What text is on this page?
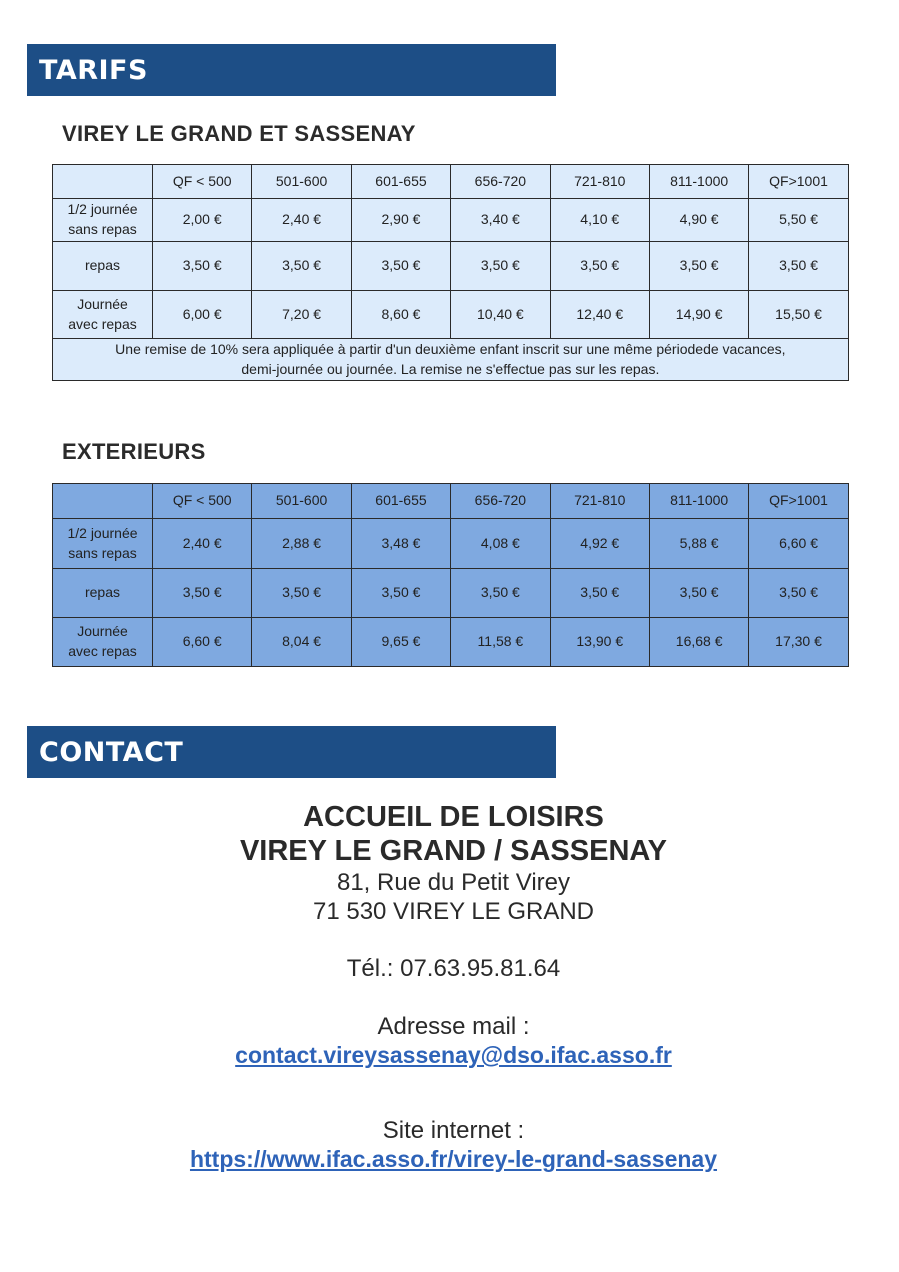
TARIFS
VIREY LE GRAND ET SASSENAY
	QF < 500	501-600	601-655	656-720	721-810	811-1000	QF>1001
1/2 journée
sans repas	2,00 €	2,40 €	2,90 €	3,40 €	4,10 €	4,90 €	5,50 €
repas	3,50 €	3,50 €	3,50 €	3,50 €	3,50 €	3,50 €	3,50 €
Journée
avec repas	6,00 €	7,20 €	8,60 €	10,40 €	12,40 €	14,90 €	15,50 €
Une remise de 10% sera appliquée à partir d'un deuxième enfant inscrit sur une même périodede vacances,
demi-journée ou journée. La remise ne s'effectue pas sur les repas.							
EXTERIEURS
	QF < 500	501-600	601-655	656-720	721-810	811-1000	QF>1001
1/2 journée
sans repas	2,40 €	2,88 €	3,48 €	4,08 €	4,92 €	5,88 €	6,60 €
repas	3,50 €	3,50 €	3,50 €	3,50 €	3,50 €	3,50 €	3,50 €
Journée
avec repas	6,60 €	8,04 €	9,65 €	11,58 €	13,90 €	16,68 €	17,30 €
CONTACT
ACCUEIL DE LOISIRS
VIREY LE GRAND / SASSENAY
81, Rue du Petit Virey
71 530 VIREY LE GRAND
Tél.: 07.63.95.81.64
Adresse mail :
contact.vireysassenay@dso.ifac.asso.fr
Site internet :
https://www.ifac.asso.fr/virey-le-grand-sassenay
